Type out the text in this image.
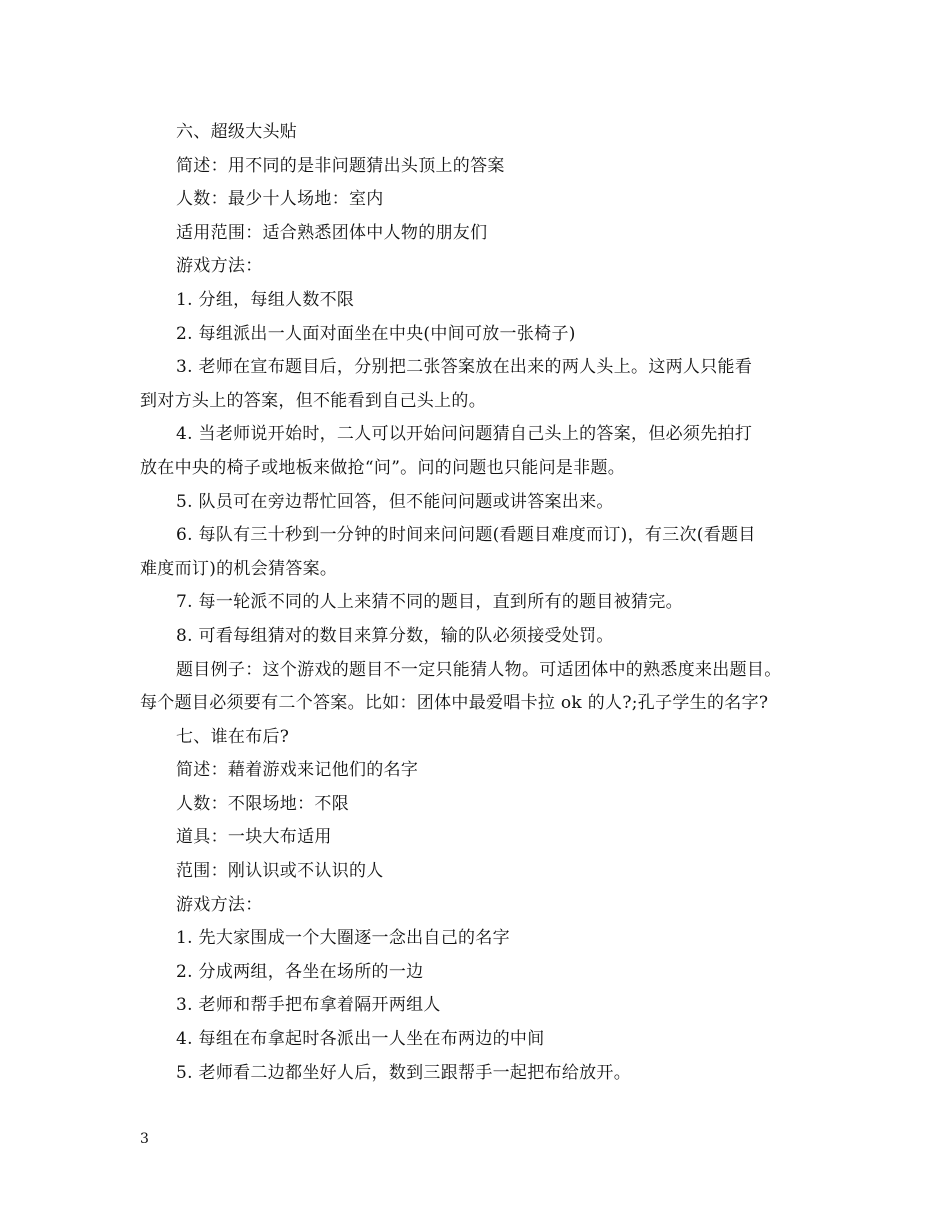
六、超级大头贴
简述：用不同的是非问题猜出头顶上的答案
人数：最少十人场地：室内
适用范围：适合熟悉团体中人物的朋友们
游戏方法：
1. 分组，每组人数不限
2. 每组派出一人面对面坐在中央(中间可放一张椅子)
3. 老师在宣布题目后，分别把二张答案放在出来的两人头上。这两人只能看
到对方头上的答案，但不能看到自己头上的。
4. 当老师说开始时，二人可以开始问问题猜自己头上的答案，但必须先拍打
放在中央的椅子或地板来做抢“问”。问的问题也只能问是非题。
5. 队员可在旁边帮忙回答，但不能问问题或讲答案出来。
6. 每队有三十秒到一分钟的时间来问问题(看题目难度而订)，有三次(看题目
难度而订)的机会猜答案。
7. 每一轮派不同的人上来猜不同的题目，直到所有的题目被猜完。
8. 可看每组猜对的数目来算分数，输的队必须接受处罚。
题目例子：这个游戏的题目不一定只能猜人物。可适团体中的熟悉度来出题目。
每个题目必须要有二个答案。比如：团体中最爱唱卡拉 ok 的人?;孔子学生的名字?
七、谁在布后?
简述：藉着游戏来记他们的名字
人数：不限场地：不限
道具：一块大布适用
范围：刚认识或不认识的人
游戏方法：
1. 先大家围成一个大圈逐一念出自己的名字
2. 分成两组，各坐在场所的一边
3. 老师和帮手把布拿着隔开两组人
4. 每组在布拿起时各派出一人坐在布两边的中间
5. 老师看二边都坐好人后，数到三跟帮手一起把布给放开。
3
